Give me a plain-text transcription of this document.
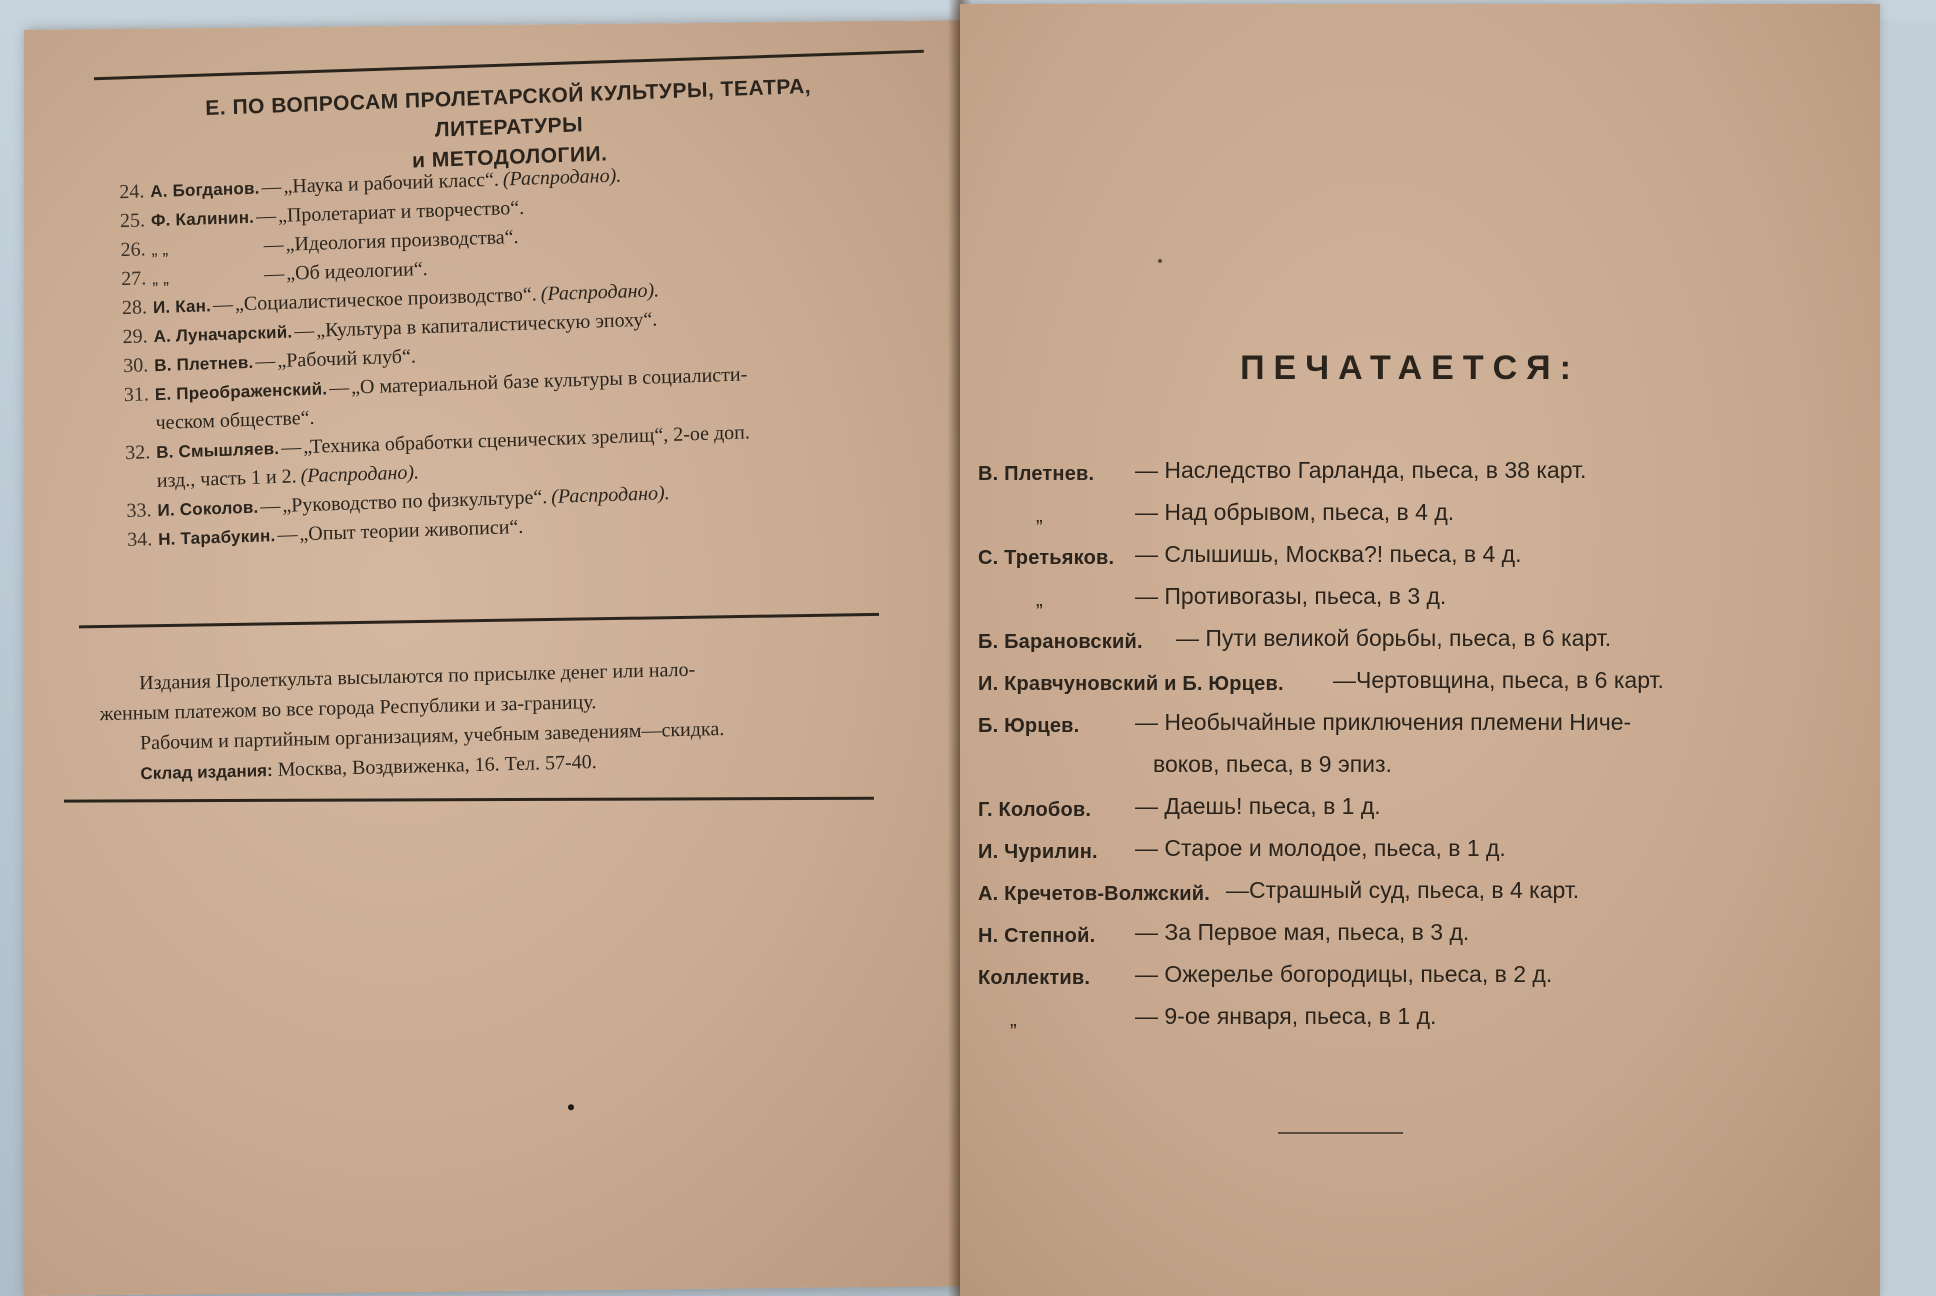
Е. ПО ВОПРОСАМ ПРОЛЕТАРСКОЙ КУЛЬТУРЫ, ТЕАТРА, ЛИТЕРАТУРЫ
и МЕТОДОЛОГИИ.
24. А. Богданов. — „Наука и рабочий класс“. (Распродано).
25. Ф. Калинин. — „Пролетариат и творчество“.
26. „ „	— „Идеология производства“.
27. „ „	— „Об идеологии“.
28. И. Кан. — „Социалистическое производство“. (Распродано).
29. А. Луначарский. — „Культура в капиталистическую эпоху“.
30. В. Плетнев. — „Рабочий клуб“.
31. Е. Преображенский. — „О материальной базе культуры в социалисти-
ческом обществе“.
32. В. Смышляев. — „Техника обработки сценических зрелищ“, 2-ое доп.
изд., часть 1 и 2. (Распродано).
33. И. Соколов. — „Руководство по физкультуре“. (Распродано).
34. Н. Тарабукин. — „Опыт теории живописи“.

Издания Пролеткульта высылаются по присылке денег или нало-

женным платежом во все города Республики и за-границу.

Рабочим и партийным организациям, учебным заведениям—скидка.

Склад издания: Москва, Воздвиженка, 16. Тел. 57-40.

ПЕЧАТАЕТСЯ:
В. Плетнев. — Наследство Гарланда, пьеса, в 38 карт.
„	— Над обрывом, пьеса, в 4 д.
С. Третьяков. — Слышишь, Москва?! пьеса, в 4 д.
„	— Противогазы, пьеса, в 3 д.
Б. Барановский. — Пути великой борьбы, пьеса, в 6 карт.
И. Кравчуновский и Б. Юрцев. —Чертовщина, пьеса, в 6 карт.
Б. Юрцев. — Необычайные приключения племени Ниче-
воков, пьеса, в 9 эпиз.
Г. Колобов. — Даешь! пьеса, в 1 д.
И. Чурилин. — Старое и молодое, пьеса, в 1 д.
А. Кречетов-Волжский. —Страшный суд, пьеса, в 4 карт.
Н. Степной. — За Первое мая, пьеса, в 3 д.
Коллектив. — Ожерелье богородицы, пьеса, в 2 д.
„	— 9-ое января, пьеса, в 1 д.
